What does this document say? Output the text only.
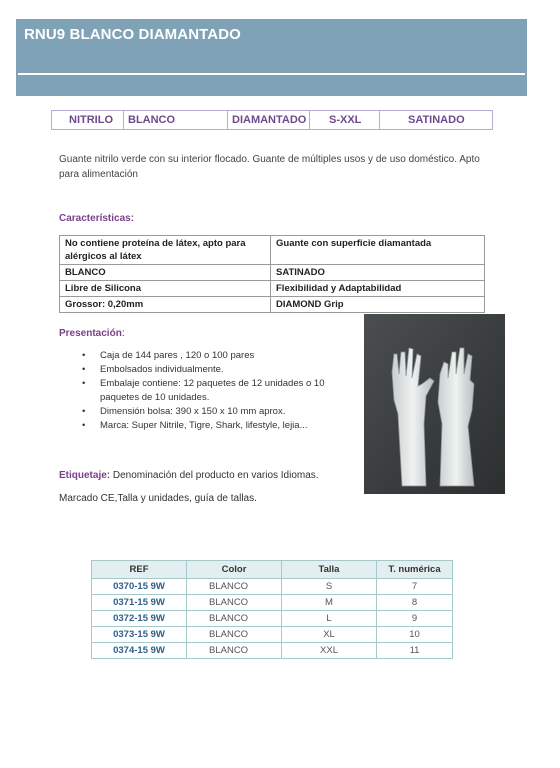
RNU9 BLANCO DIAMANTADO
NITRILO	BLANCO	DIAMANTADO	S-XXL	SATINADO
Guante nitrilo verde con su interior flocado. Guante de múltiples usos y de uso doméstico. Apto para alimentación
Características:
No contiene proteína de látex, apto para alérgicos al látex	Guante con superficie diamantada
BLANCO	SATINADO
Libre de Silicona	Flexibilidad y Adaptabilidad
Grossor: 0,20mm	DIAMOND Grip
Presentación:
• Caja de 144 pares , 120 o 100 pares
• Embolsados individualmente.
• Embalaje contiene: 12 paquetes de 12 unidades o 10 paquetes de 10 unidades.
• Dimensión bolsa: 390 x 150 x 10 mm aprox.
• Marca: Super Nitrile, Tigre, Shark, lifestyle, lejia...
Etiquetaje: Denominación del producto en varios Idiomas.
Marcado CE,Talla y unidades, guía de tallas.
REF	Color	Talla	T. numérica
0370-15 9W	BLANCO	S	7
0371-15 9W	BLANCO	M	8
0372-15 9W	BLANCO	L	9
0373-15 9W	BLANCO	XL	10
0374-15 9W	BLANCO	XXL	11
